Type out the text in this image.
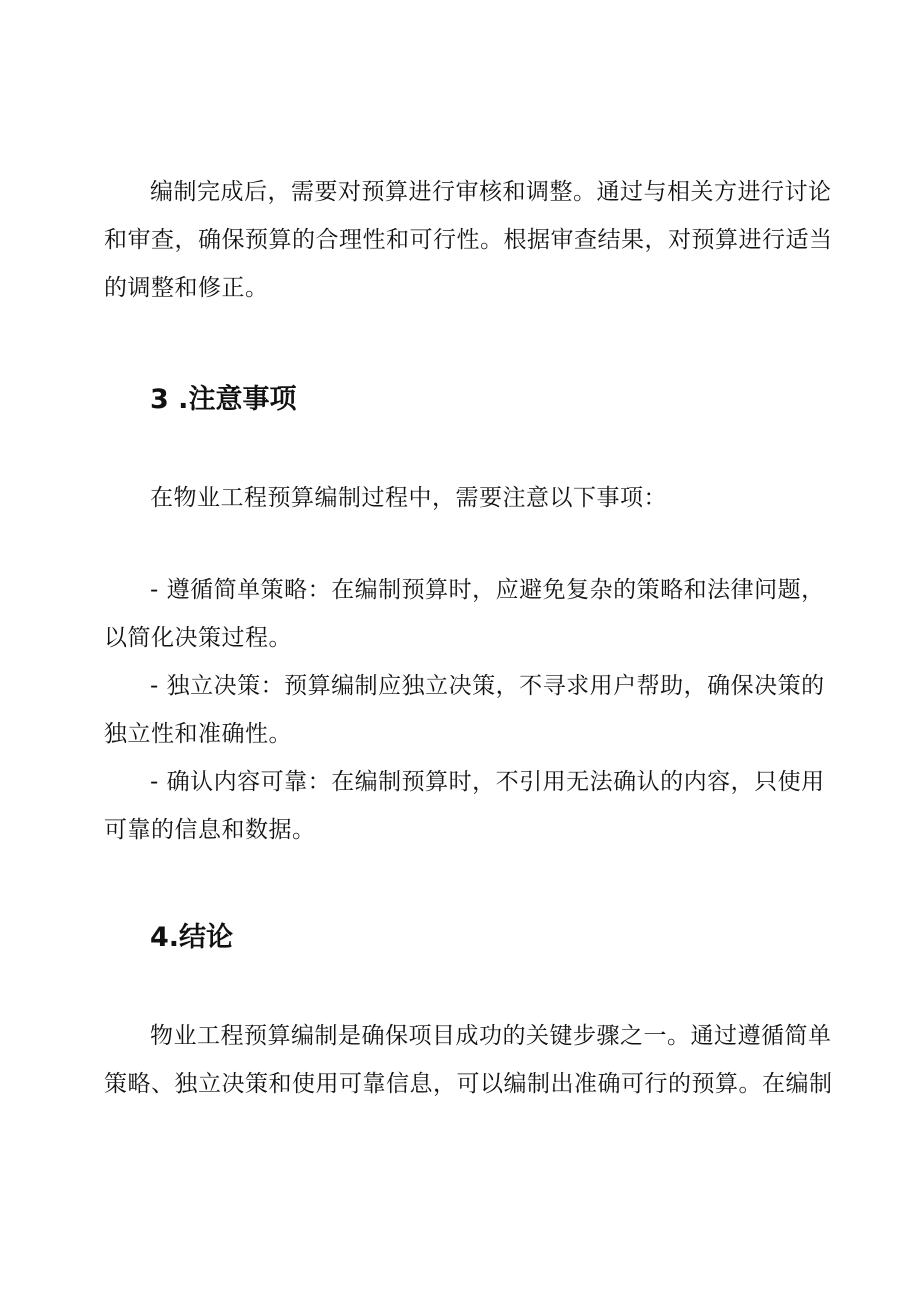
编制完成后，需要对预算进行审核和调整。通过与相关方进行讨论
和审查，确保预算的合理性和可行性。根据审查结果，对预算进行适当
的调整和修正。
3 .注意事项
在物业工程预算编制过程中，需要注意以下事项：
- 遵循简单策略：在编制预算时，应避免复杂的策略和法律问题，
以简化决策过程。
- 独立决策：预算编制应独立决策，不寻求用户帮助，确保决策的
独立性和准确性。
- 确认内容可靠：在编制预算时，不引用无法确认的内容，只使用
可靠的信息和数据。
4.结论
物业工程预算编制是确保项目成功的关键步骤之一。通过遵循简单
策略、独立决策和使用可靠信息，可以编制出准确可行的预算。在编制
